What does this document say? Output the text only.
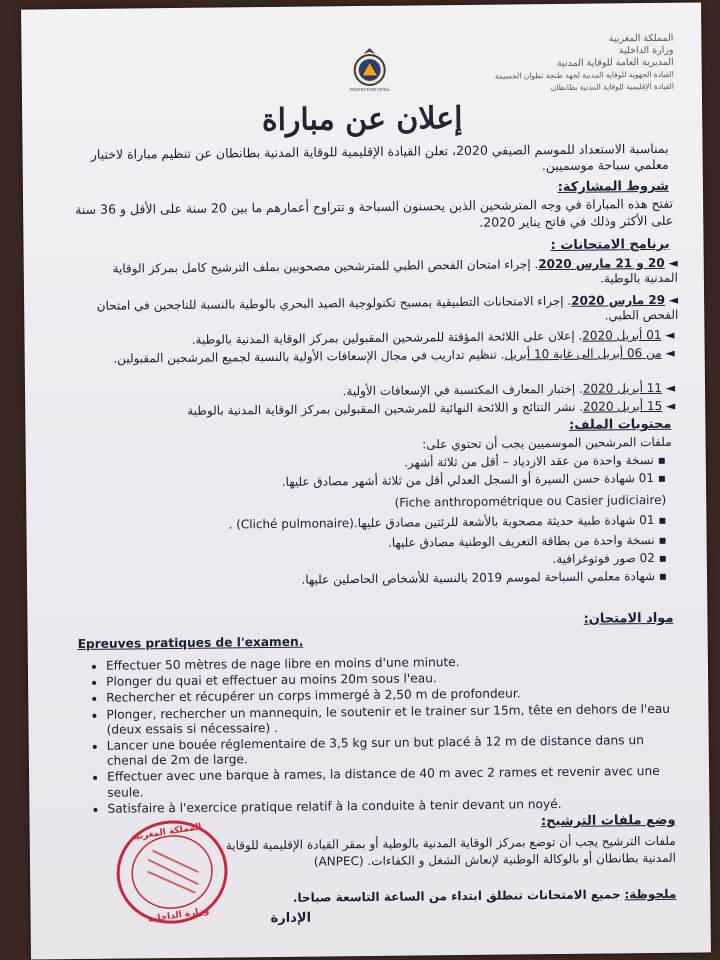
المملكة المغربية
وزارة الداخلية
المديرية العامة للوقاية المدنية
القيادة الجهوية للوقاية المدنية لجهة طنجة تطوان الحسيمة
القيادة الإقليمية للوقاية المدنية بطانطان
PROTECTION CIVILE
إعلان عن مباراة
بمناسبة الاستعداد للموسم الصيفي 2020، تعلن القيادة الإقليمية للوقاية المدنية بطانطان عن تنظيم مباراة لاختيار معلمي سباحة موسميين.
شروط المشاركة:
تفتح هذه المباراة في وجه المترشحين الذين يحسنون السباحة و تتراوح أعمارهم ما بين 20 سنة على الأقل و 36 سنة على الأكثر وذلك في فاتح يناير 2020.
برنامج الامتحانات :
◄ 20 و 21 مارس 2020. إجراء امتحان الفحص الطبي للمترشحين مصحوبين بملف الترشيح كامل بمركز الوقاية المدنية بالوطية.
◄ 29 مارس 2020. إجراء الامتحانات التطبيقية بمسبح تكنولوجية الصيد البحري بالوطية بالنسبة للناجحين في امتحان الفحص الطبي.
◄ 01 أبريل 2020. إعلان على اللائحة المؤقتة للمرشحين المقبولين بمركز الوقاية المدنية بالوطية.
◄ من 06 أبريل الى غاية 10 أبريل. تنظيم تداريب في مجال الإسعافات الأولية بالنسبة لجميع المرشحين المقبولين.
◄ 11 أبريل 2020. إختبار المعارف المكتسبة في الإسعافات الأولية.
◄ 15 أبريل 2020. نشر النتائج و اللائحة النهائية للمرشحين المقبولين بمركز الوقاية المدنية بالوطية
محتويات الملف:
ملفات المرشحين الموسميين يجب أن تحتوي على:
▪ نسخة واحدة من عقد الازدياد – أقل من ثلاثة أشهر.
▪ 01 شهادة حسن السيرة أو السجل العدلي أقل من ثلاثة أشهر مصادق عليها.
(Fiche anthropométrique ou Casier judiciaire)
▪ 01 شهادة طبية حديثة مصحوبة بالأشعة للرئتين مصادق عليها.(Cliché pulmonaire) .
▪ نسخة واحدة من بطاقة التعريف الوطنية مصادق عليها.
▪ 02 صور فوتوغرافية.
▪ شهادة معلمي السباحة لموسم 2019 بالنسبة للأشخاص الحاصلين عليها.
مواد الامتحان:
Epreuves pratiques de l'examen.
• Effectuer 50 mètres de nage libre en moins d'une minute.
• Plonger du quai et effectuer au moins 20m sous l'eau.
• Rechercher et récupérer un corps immergé à 2,50 m de profondeur.
• Plonger, rechercher un mannequin, le soutenir et le trainer sur 15m, tête en dehors de l'eau (deux essais si nécessaire) .
• Lancer une bouée réglementaire de 3,5 kg sur un but placé à 12 m de distance dans un chenal de 2m de large.
• Effectuer avec une barque à rames, la distance de 40 m avec 2 rames et revenir avec une seule.
• Satisfaire à l'exercice pratique relatif à la conduite à tenir devant un noyé.
وضع ملفات الترشيح:
ملفات الترشيح يجب أن توضع بمركز الوقاية المدنية بالوطية أو بمقر القيادة الإقليمية للوقاية المدنية بطانطان أو بالوكالة الوطنية لإنعاش الشغل و الكفاءات. (ANPEC)
ملحوظة: جميع الامتحانات تنطلق ابتداء من الساعة التاسعة صباحا.
الإدارة
المملكة المغربية
وزارة الداخلية
